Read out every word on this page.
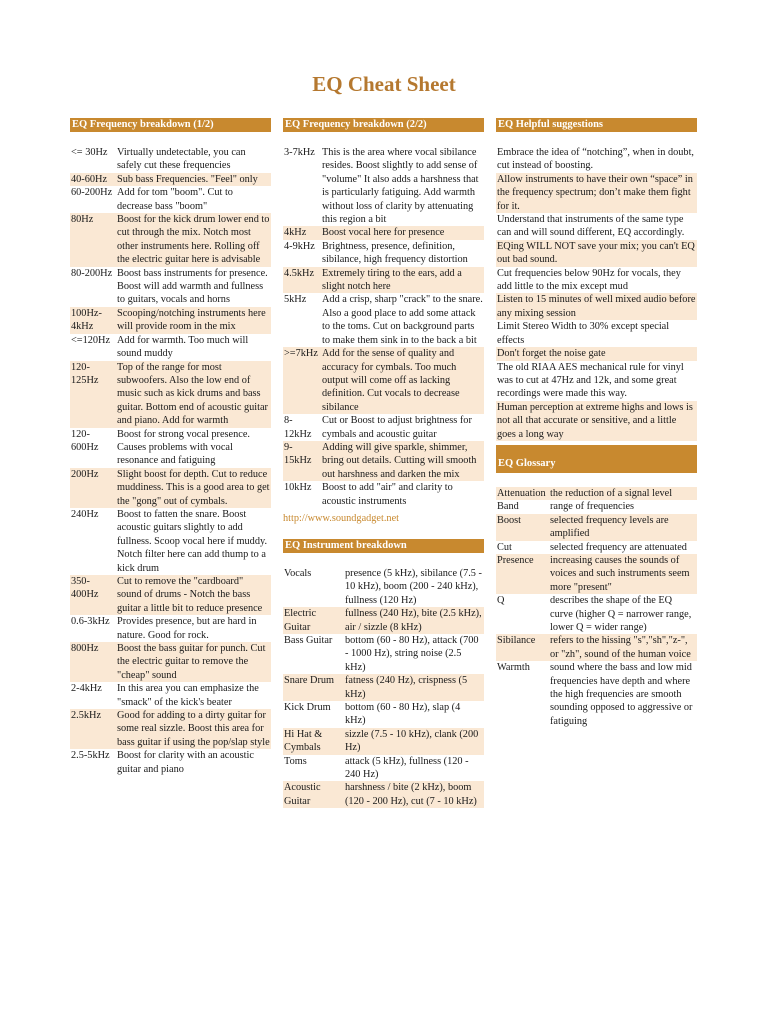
EQ Cheat Sheet
EQ Frequency breakdown (1/2)
<= 30Hz	Virtually undetectable, you can safely cut these frequencies
40-60Hz	Sub bass Frequencies. "Feel" only
60-200Hz	Add for tom "boom". Cut to decrease bass "boom"
80Hz	Boost for the kick drum lower end to cut through the mix. Notch most other instruments here. Rolling off the electric guitar here is advisable
80-200Hz	Boost bass instruments for presence. Boost will add warmth and fullness to guitars, vocals and horns
100Hz-4kHz	Scooping/notching instruments here will provide room in the mix
<=120Hz	Add for warmth. Too much will sound muddy
120-125Hz	Top of the range for most subwoofers. Also the low end of music such as kick drums and bass guitar. Bottom end of acoustic guitar and piano. Add for warmth
120-600Hz	Boost for strong vocal presence. Causes problems with vocal resonance and fatiguing
200Hz	Slight boost for depth. Cut to reduce muddiness. This is a good area to get the "gong" out of cymbals.
240Hz	Boost to fatten the snare. Boost acoustic guitars slightly to add fullness. Scoop vocal here if muddy. Notch filter here can add thump to a kick drum
350-400Hz	Cut to remove the "cardboard" sound of drums - Notch the bass guitar a little bit to reduce presence
0.6-3kHz	Provides presence, but are hard in nature. Good for rock.
800Hz	Boost the bass guitar for punch. Cut the electric guitar to remove the "cheap" sound
2-4kHz	In this area you can emphasize the "smack" of the kick's beater
2.5kHz	Good for adding to a dirty guitar for some real sizzle. Boost this area for bass guitar if using the pop/slap style
2.5-5kHz	Boost for clarity with an acoustic guitar and piano
EQ Frequency breakdown (2/2)
3-7kHz	This is the area where vocal sibilance resides. Boost slightly to add sense of "volume" It also adds a harshness that is particularly fatiguing. Add warmth without loss of clarity by attenuating this region a bit
4kHz	Boost vocal here for presence
4-9kHz	Brightness, presence, definition, sibilance, high frequency distortion
4.5kHz	Extremely tiring to the ears, add a slight notch here
5kHz	Add a crisp, sharp "crack" to the snare. Also a good place to add some attack to the toms. Cut on background parts to make them sink in to the back a bit
>=7kHz	Add for the sense of quality and accuracy for cymbals. Too much output will come off as lacking definition. Cut vocals to decrease sibilance
8-12kHz	Cut or Boost to adjust brightness for cymbals and acoustic guitar
9-15kHz	Adding will give sparkle, shimmer, bring out details. Cutting will smooth out harshness and darken the mix
10kHz	Boost to add "air" and clarity to acoustic instruments
http://www.soundgadget.net
EQ Instrument breakdown
Vocals	presence (5 kHz), sibilance (7.5 - 10 kHz), boom (200 - 240 kHz), fullness (120 Hz)
Electric Guitar	fullness (240 Hz), bite (2.5 kHz), air / sizzle (8 kHz)
Bass Guitar	bottom (60 - 80 Hz), attack (700 - 1000 Hz), string noise (2.5 kHz)
Snare Drum	fatness (240 Hz), crispness (5 kHz)
Kick Drum	bottom (60 - 80 Hz), slap (4 kHz)
Hi Hat & Cymbals	sizzle (7.5 - 10 kHz), clank (200 Hz)
Toms	attack (5 kHz), fullness (120 - 240 Hz)
Acoustic Guitar	harshness / bite (2 kHz), boom (120 - 200 Hz), cut (7 - 10 kHz)
EQ Helpful suggestions
Embrace the idea of “notching”, when in doubt, cut instead of boosting.
Allow instruments to have their own “space” in the frequency spectrum; don’t make them fight for it.
Understand that instruments of the same type can and will sound different, EQ accordingly.
EQing WILL NOT save your mix; you can't EQ out bad sound.
Cut frequencies below 90Hz for vocals, they add little to the mix except mud
Listen to 15 minutes of well mixed audio before any mixing session
Limit Stereo Width to 30% except special effects
Don't forget the noise gate
The old RIAA AES mechanical rule for vinyl was to cut at 47Hz and 12k, and some great recordings were made this way.
Human perception at extreme highs and lows is not all that accurate or sensitive, and a little goes a long way
EQ Glossary
Attenuation	the reduction of a signal level
Band	range of frequencies
Boost	selected frequency levels are amplified
Cut	selected frequency are attenuated
Presence	increasing causes the sounds of voices and such instruments seem more "present"
Q	describes the shape of the EQ curve (higher Q = narrower range, lower Q = wider range)
Sibilance	refers to the hissing "s","sh","z-", or "zh", sound of the human voice
Warmth	sound where the bass and low mid frequencies have depth and where the high frequencies are smooth sounding opposed to aggressive or fatiguing
